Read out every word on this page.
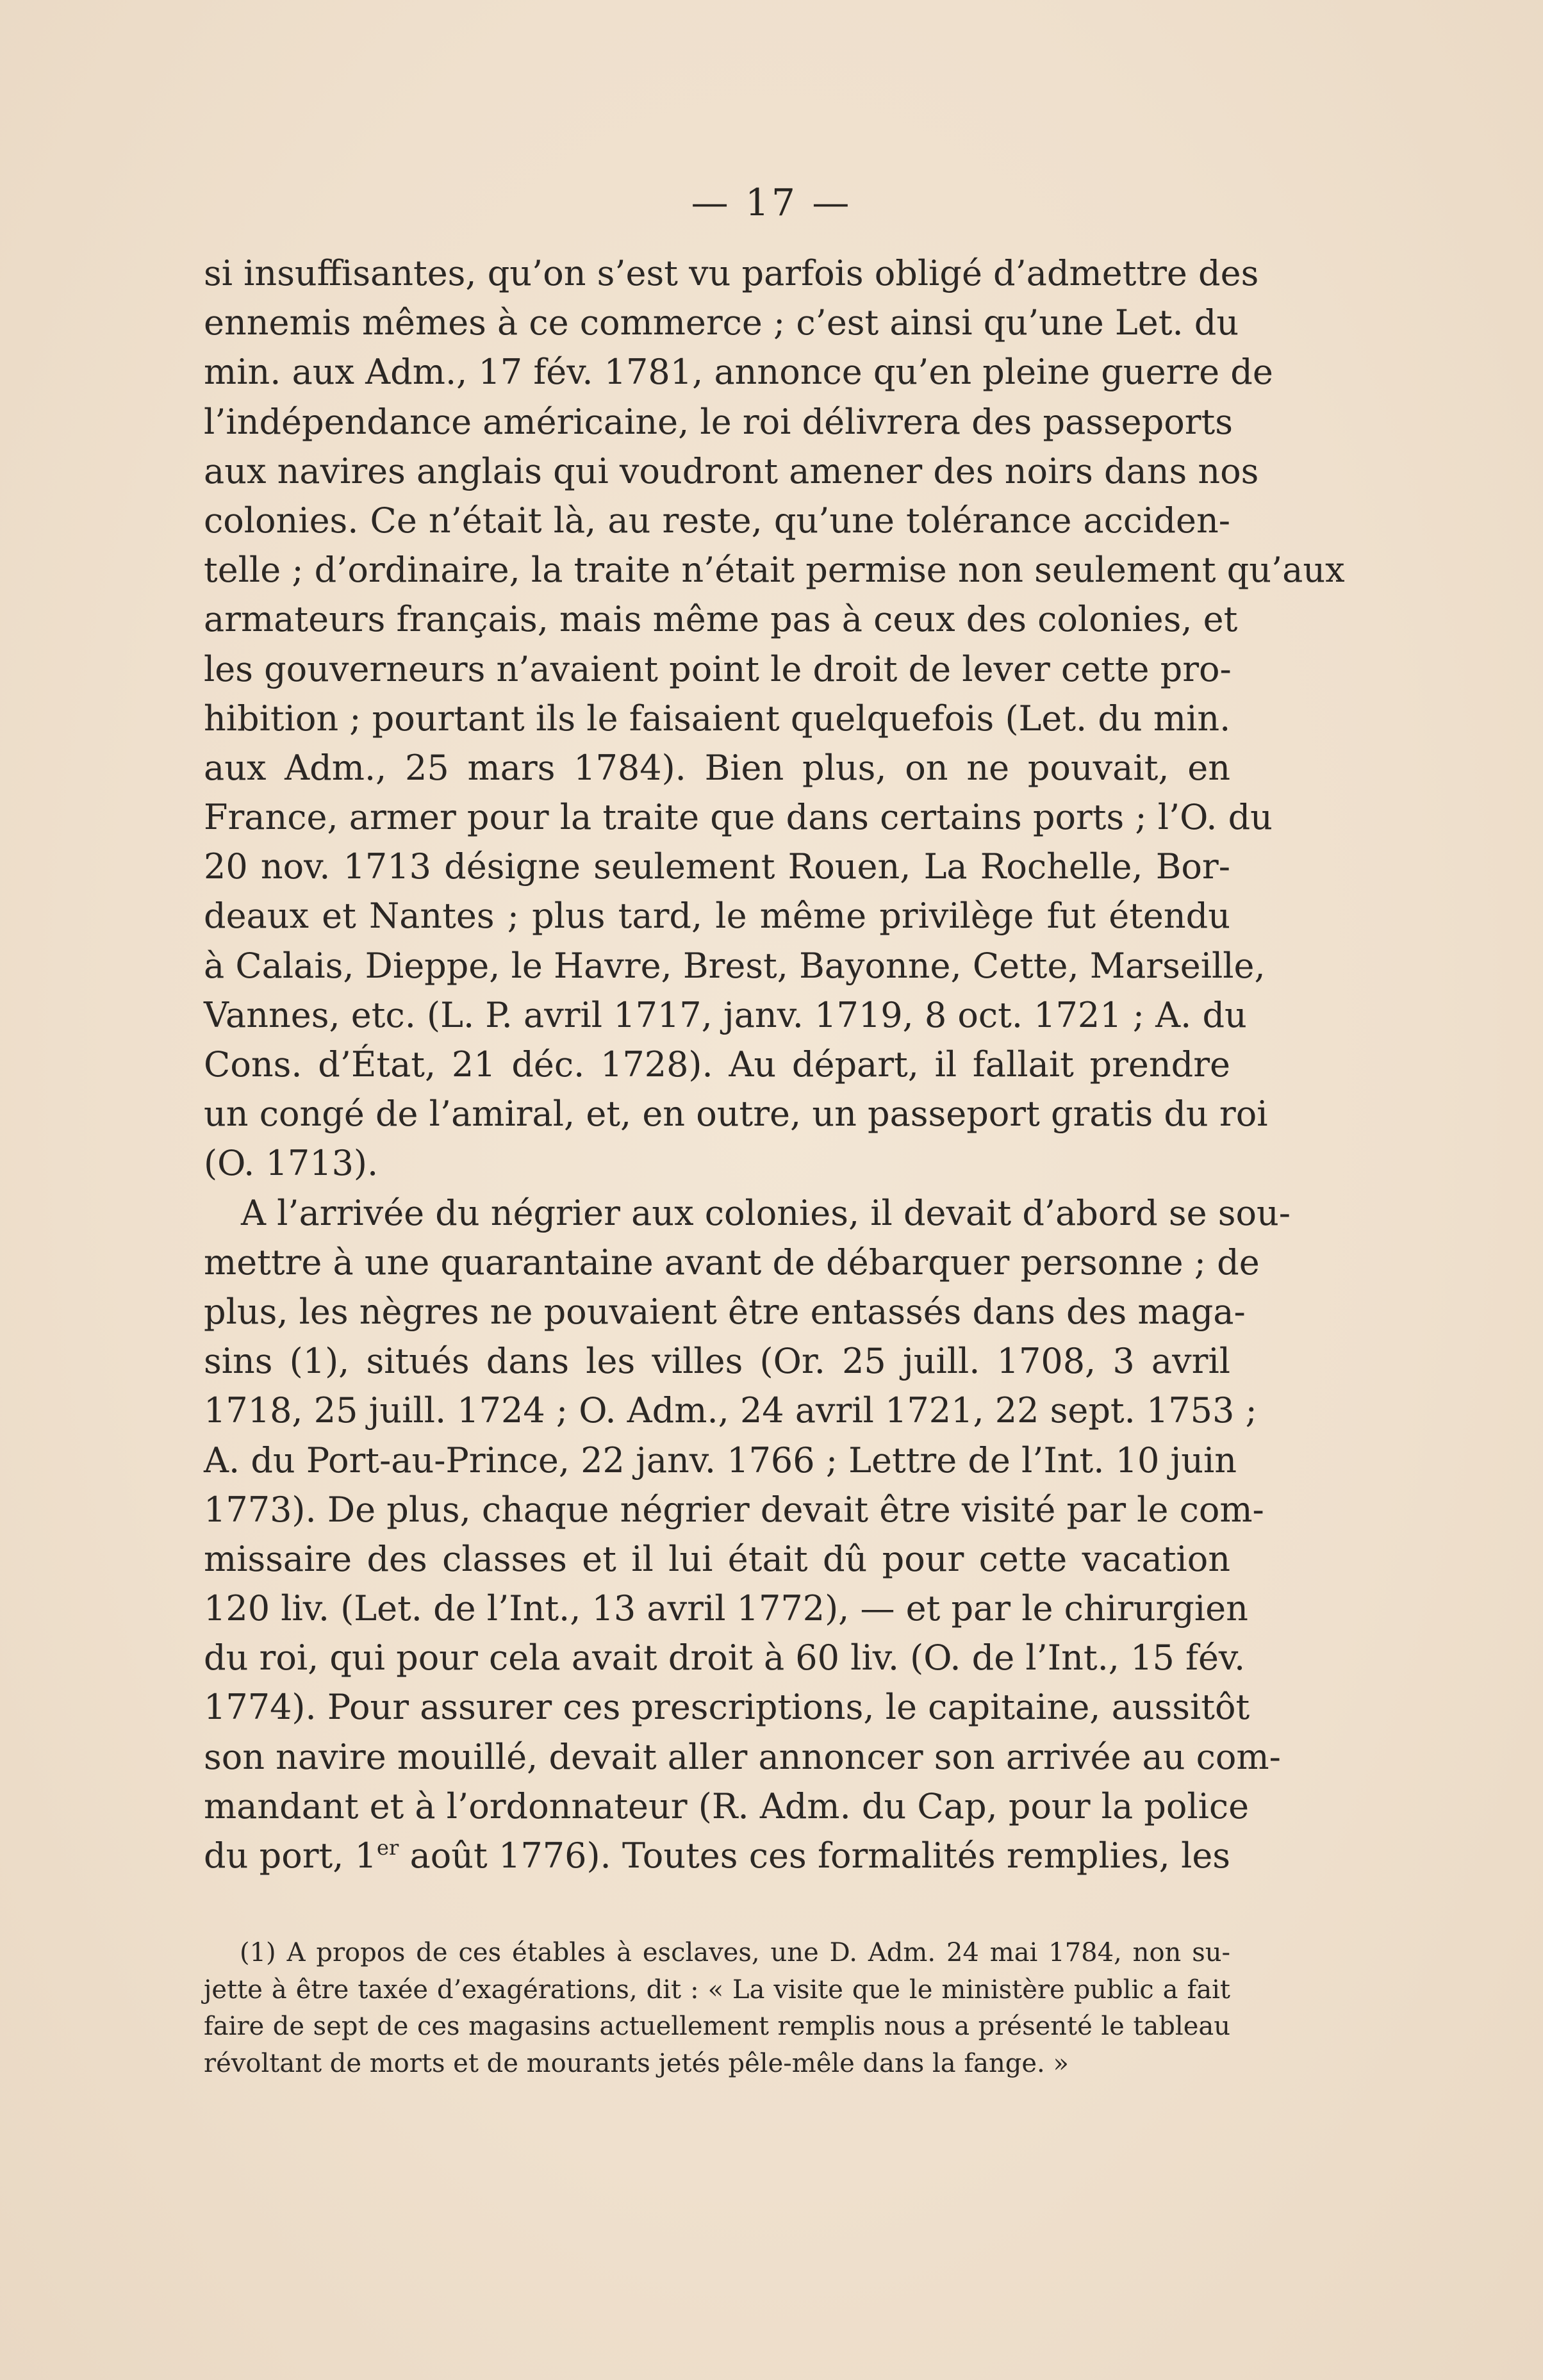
— 17 —
si insuffisantes, qu’on s’est vu parfois obligé d’admettre des
ennemis mêmes à ce commerce ; c’est ainsi qu’une Let. du
min. aux Adm., 17 fév. 1781, annonce qu’en pleine guerre de
l’indépendance américaine, le roi délivrera des passeports
aux navires anglais qui voudront amener des noirs dans nos
colonies. Ce n’était là, au reste, qu’une tolérance acciden-
telle ; d’ordinaire, la traite n’était permise non seulement qu’aux
armateurs français, mais même pas à ceux des colonies, et
les gouverneurs n’avaient point le droit de lever cette pro-
hibition ; pourtant ils le faisaient quelquefois (Let. du min.
aux Adm., 25 mars 1784). Bien plus, on ne pouvait, en
France, armer pour la traite que dans certains ports ; l’O. du
20 nov. 1713 désigne seulement Rouen, La Rochelle, Bor-
deaux et Nantes ; plus tard, le même privilège fut étendu
à Calais, Dieppe, le Havre, Brest, Bayonne, Cette, Marseille,
Vannes, etc. (L. P. avril 1717, janv. 1719, 8 oct. 1721 ; A. du
Cons. d’État, 21 déc. 1728). Au départ, il fallait prendre
un congé de l’amiral, et, en outre, un passeport gratis du roi
(O. 1713).
A l’arrivée du négrier aux colonies, il devait d’abord se sou-
mettre à une quarantaine avant de débarquer personne ; de
plus, les nègres ne pouvaient être entassés dans des maga-
sins (1), situés dans les villes (Or. 25 juill. 1708, 3 avril
1718, 25 juill. 1724 ; O. Adm., 24 avril 1721, 22 sept. 1753 ;
A. du Port-au-Prince, 22 janv. 1766 ; Lettre de l’Int. 10 juin
1773). De plus, chaque négrier devait être visité par le com-
missaire des classes et il lui était dû pour cette vacation
120 liv. (Let. de l’Int., 13 avril 1772), — et par le chirurgien
du roi, qui pour cela avait droit à 60 liv. (O. de l’Int., 15 fév.
1774). Pour assurer ces prescriptions, le capitaine, aussitôt
son navire mouillé, devait aller annoncer son arrivée au com-
mandant et à l’ordonnateur (R. Adm. du Cap, pour la police
du port, 1er août 1776). Toutes ces formalités remplies, les
(1) A propos de ces étables à esclaves, une D. Adm. 24 mai 1784, non su-
jette à être taxée d’exagérations, dit : « La visite que le ministère public a fait
faire de sept de ces magasins actuellement remplis nous a présenté le tableau
révoltant de morts et de mourants jetés pêle-mêle dans la fange. »
